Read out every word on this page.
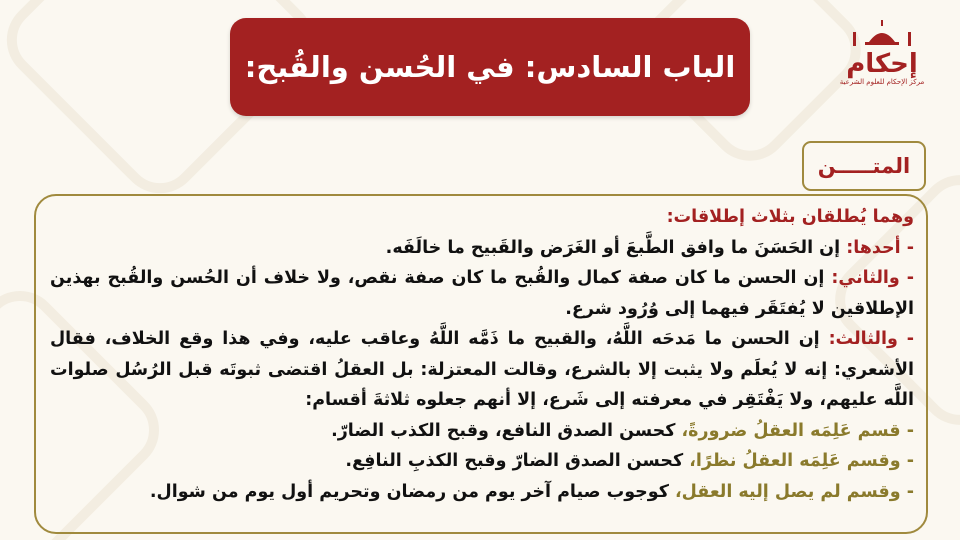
الباب السادس: في الحُسن والقُبح:	إحكام
مركز الإحكام للعلوم الشرعية
المتـــــن

وهما يُطلقان بثلاث إطلاقات:

- أحدها: إن الحَسَنَ ما وافق الطَّبعَ أو الغَرَض والقَبيح ما خالَفَه.

- والثاني: إن الحسن ما كان صفة كمال والقُبح ما كان صفة نقص، ولا خلاف أن الحُسن والقُبح بهذين الإطلاقين لا يُفتَقَر فيهما إلى وُرُود شرع.

- والثالث: إن الحسن ما مَدحَه اللَّهُ، والقبيح ما ذَمَّه اللَّهُ وعاقب عليه، وفي هذا وقع الخلاف، فقال الأشعري: إنه لا يُعلَم ولا يثبت إلا بالشرع، وقالت المعتزلة: بل العقلُ اقتضى ثبوتَه قبل الرُسُل صلوات اللَّه عليهم، ولا يَفْتَقِر في معرفته إلى شَرع، إلا أنهم جعلوه ثلاثةَ أقسام:

- قسم عَلِمَه العقلُ ضرورةً، كحسن الصدق النافع، وقبح الكذب الضارّ.

- وقسم عَلِمَه العقلُ نظرًا، كحسن الصدق الضارّ وقبح الكذبِ النافِع.

- وقسم لم يصل إليه العقل، كوجوب صيام آخر يوم من رمضان وتحريم أول يوم من شوال.
